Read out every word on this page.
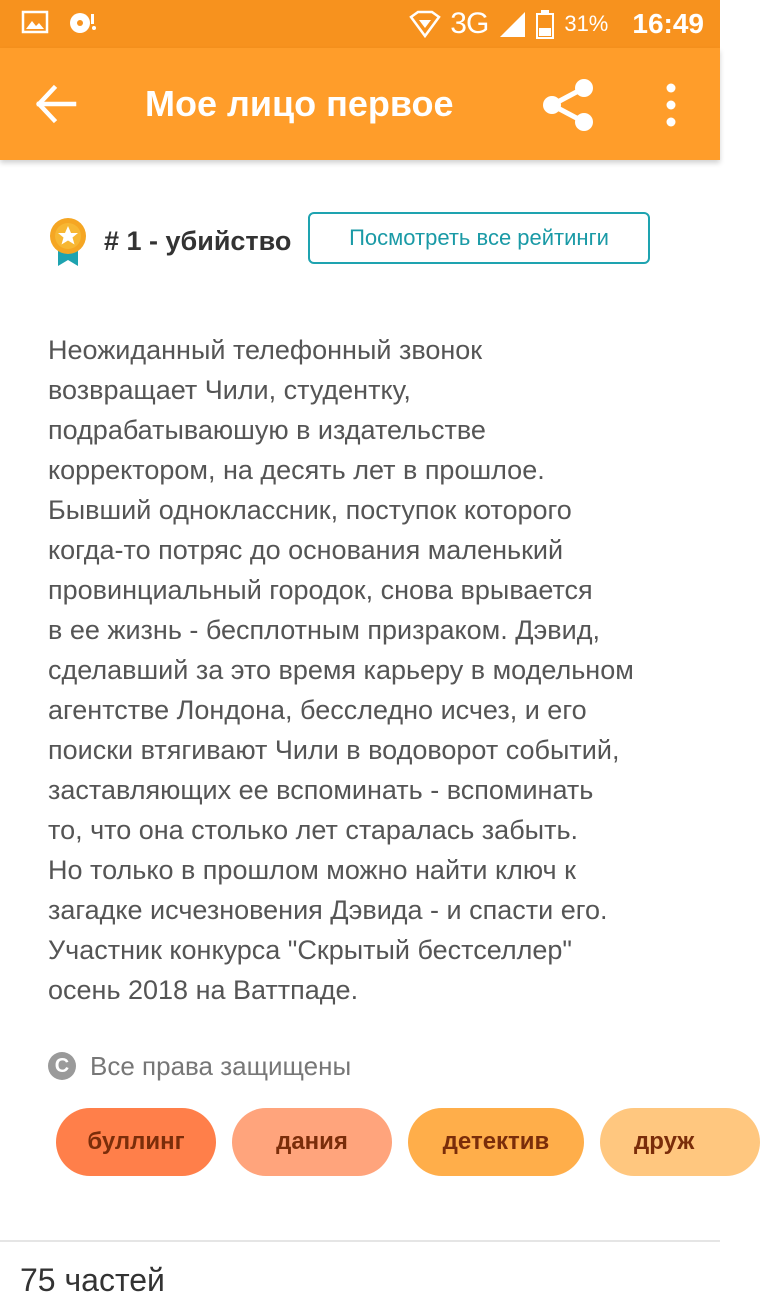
3G	31% 16:49
Мое лицо первое
# 1 - убийство	Посмотреть все рейтинги
Неожиданный телефонный звонок
возвращает Чили, студентку,
подрабатываюшую в издательстве
корректором, на десять лет в прошлое.
Бывший одноклассник, поступок которого
когда-то потряс до основания маленький
провинциальный городок, снова врывается
в ее жизнь - бесплотным призраком. Дэвид,
сделавший за это время карьеру в модельном
агентстве Лондона, бесследно исчез, и его
поиски втягивают Чили в водоворот событий,
заставляющих ее вспоминать - вспоминать
то, что она столько лет старалась забыть.
Но только в прошлом можно найти ключ к
загадке исчезновения Дэвида - и спасти его.
Участник конкурса "Скрытый бестселлер"
осень 2018 на Ваттпаде.
C Все права защищены
буллинг	дания	детектив	друж
75 частей
